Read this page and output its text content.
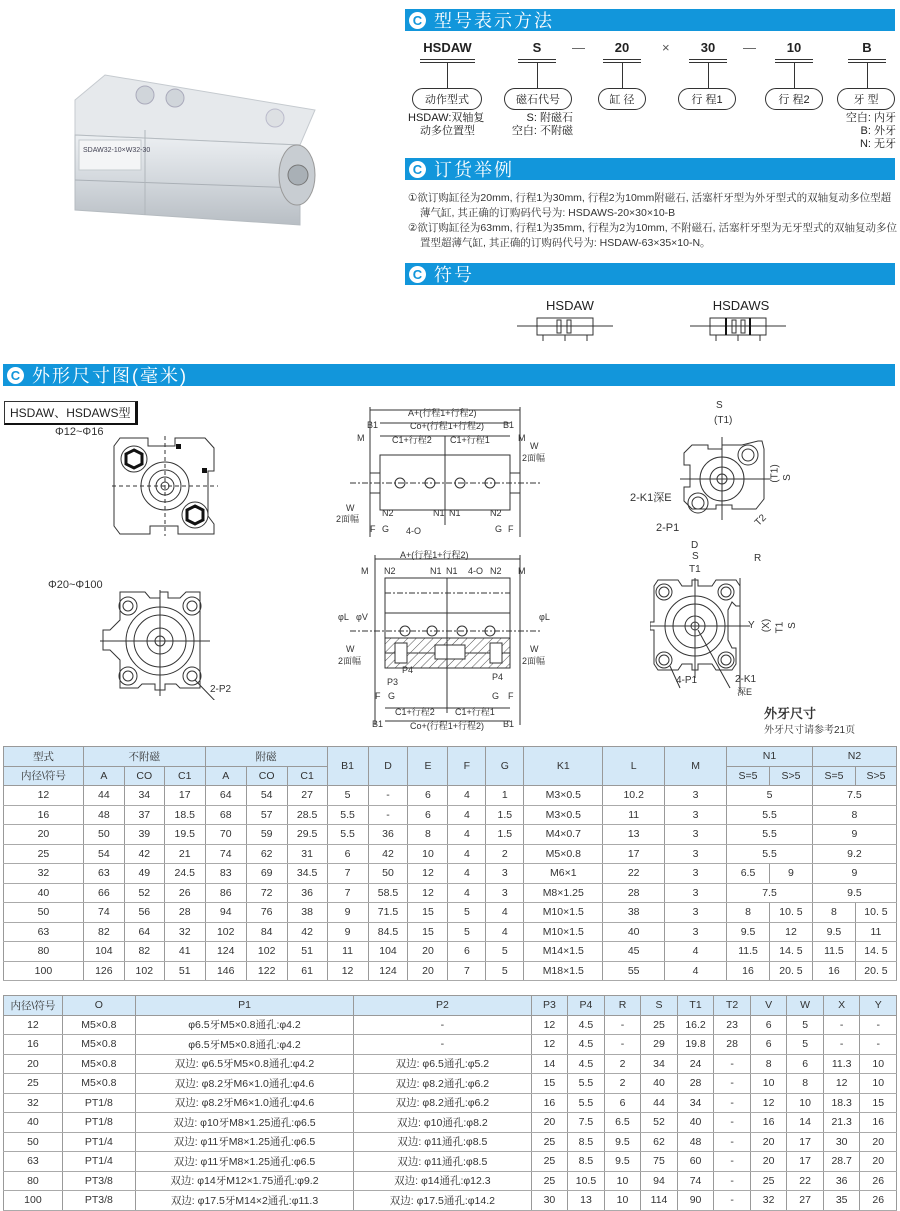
SDAW32-10×W32-30
C 型号表示方法
HSDAW	S	—	20	×	30	—	10	B
动作型式	磁石代号	缸 径	行 程1	行 程2	牙 型
HSDAW:双轴复
动多位置型
S: 附磁石
空白: 不附磁
空白: 内牙
B: 外牙
N: 无牙
C 订货举例

①欲订购缸径为20mm, 行程1为30mm, 行程2为10mm附磁石, 活塞杆牙型为外牙型式的双轴复动多位型超薄气缸, 其正确的订购码代号为: HSDAWS-20×30×10-B

②欲订购缸径为63mm, 行程1为35mm, 行程为2为10mm, 不附磁石, 活塞杆牙型为无牙型式的双轴复动多位置型超薄气缸, 其正确的订购码代号为: HSDAW-63×35×10-N。

C 符号
HSDAW	HSDAWS
C 外形尺寸图(毫米)
HSDAW、HSDAWS型
Φ12~Φ16
Φ20~Φ100
2-P2
A+(行程1+行程2)
Co+(行程1+行程2)
C1+行程2 C1+行程1
B1	B1
M	M
W
2面幅
W
2面幅
N2	N1 N1	N2
4-O
F G	G F
A+(行程1+行程2)
M N2	N1 N1 4-O N2 M
φL φV	φL
W
2面幅
W
2面幅
P4
P3	P4
F G	G F
C1+行程2 C1+行程1
B1	Co+(行程1+行程2) B1
S
(T1)
(T1) S
T2
2-K1深E
2-P1
D
S
T1
R
Y (X) T1 S
4-P1	2-K1
深E
外牙尺寸
外牙尺寸请参考21页
型式	不附磁			附磁			B1	D	E	F	G	K1	L	M	N1		N2	
内径\符号	A	CO	C1	A	CO	C1									S=5	S>5	S=5	S>5
12	44	34	17	64	54	27	5	-	6	4	1	M3×0.5	10.2	3	5		7.5	
16	48	37	18.5	68	57	28.5	5.5	-	6	4	1.5	M3×0.5	11	3	5.5		8	
20	50	39	19.5	70	59	29.5	5.5	36	8	4	1.5	M4×0.7	13	3	5.5		9	
25	54	42	21	74	62	31	6	42	10	4	2	M5×0.8	17	3	5.5		9.2	
32	63	49	24.5	83	69	34.5	7	50	12	4	3	M6×1	22	3	6.5	9	9	
40	66	52	26	86	72	36	7	58.5	12	4	3	M8×1.25	28	3	7.5		9.5	
50	74	56	28	94	76	38	9	71.5	15	5	4	M10×1.5	38	3	8	10. 5	8	10. 5
63	82	64	32	102	84	42	9	84.5	15	5	4	M10×1.5	40	3	9.5	12	9.5	11
80	104	82	41	124	102	51	11	104	20	6	5	M14×1.5	45	4	11.5	14. 5	11.5	14. 5
100	126	102	51	146	122	61	12	124	20	7	5	M18×1.5	55	4	16	20. 5	16	20. 5
内径\符号	O	P1	P2	P3	P4	R	S	T1	T2	V	W	X	Y
12	M5×0.8	φ6.5牙M5×0.8通孔:φ4.2	-	12	4.5	-	25	16.2	23	6	5	-	-
16	M5×0.8	φ6.5牙M5×0.8通孔:φ4.2	-	12	4.5	-	29	19.8	28	6	5	-	-
20	M5×0.8	双边: φ6.5牙M5×0.8通孔:φ4.2	双边: φ6.5通孔:φ5.2	14	4.5	2	34	24	-	8	6	11.3	10
25	M5×0.8	双边: φ8.2牙M6×1.0通孔:φ4.6	双边: φ8.2通孔:φ6.2	15	5.5	2	40	28	-	10	8	12	10
32	PT1/8	双边: φ8.2牙M6×1.0通孔:φ4.6	双边: φ8.2通孔:φ6.2	16	5.5	6	44	34	-	12	10	18.3	15
40	PT1/8	双边: φ10牙M8×1.25通孔:φ6.5	双边: φ10通孔:φ8.2	20	7.5	6.5	52	40	-	16	14	21.3	16
50	PT1/4	双边: φ11牙M8×1.25通孔:φ6.5	双边: φ11通孔:φ8.5	25	8.5	9.5	62	48	-	20	17	30	20
63	PT1/4	双边: φ11牙M8×1.25通孔:φ6.5	双边: φ11通孔:φ8.5	25	8.5	9.5	75	60	-	20	17	28.7	20
80	PT3/8	双边: φ14牙M12×1.75通孔:φ9.2	双边: φ14通孔:φ12.3	25	10.5	10	94	74	-	25	22	36	26
100	PT3/8	双边: φ17.5牙M14×2通孔:φ11.3	双边: φ17.5通孔:φ14.2	30	13	10	114	90	-	32	27	35	26
